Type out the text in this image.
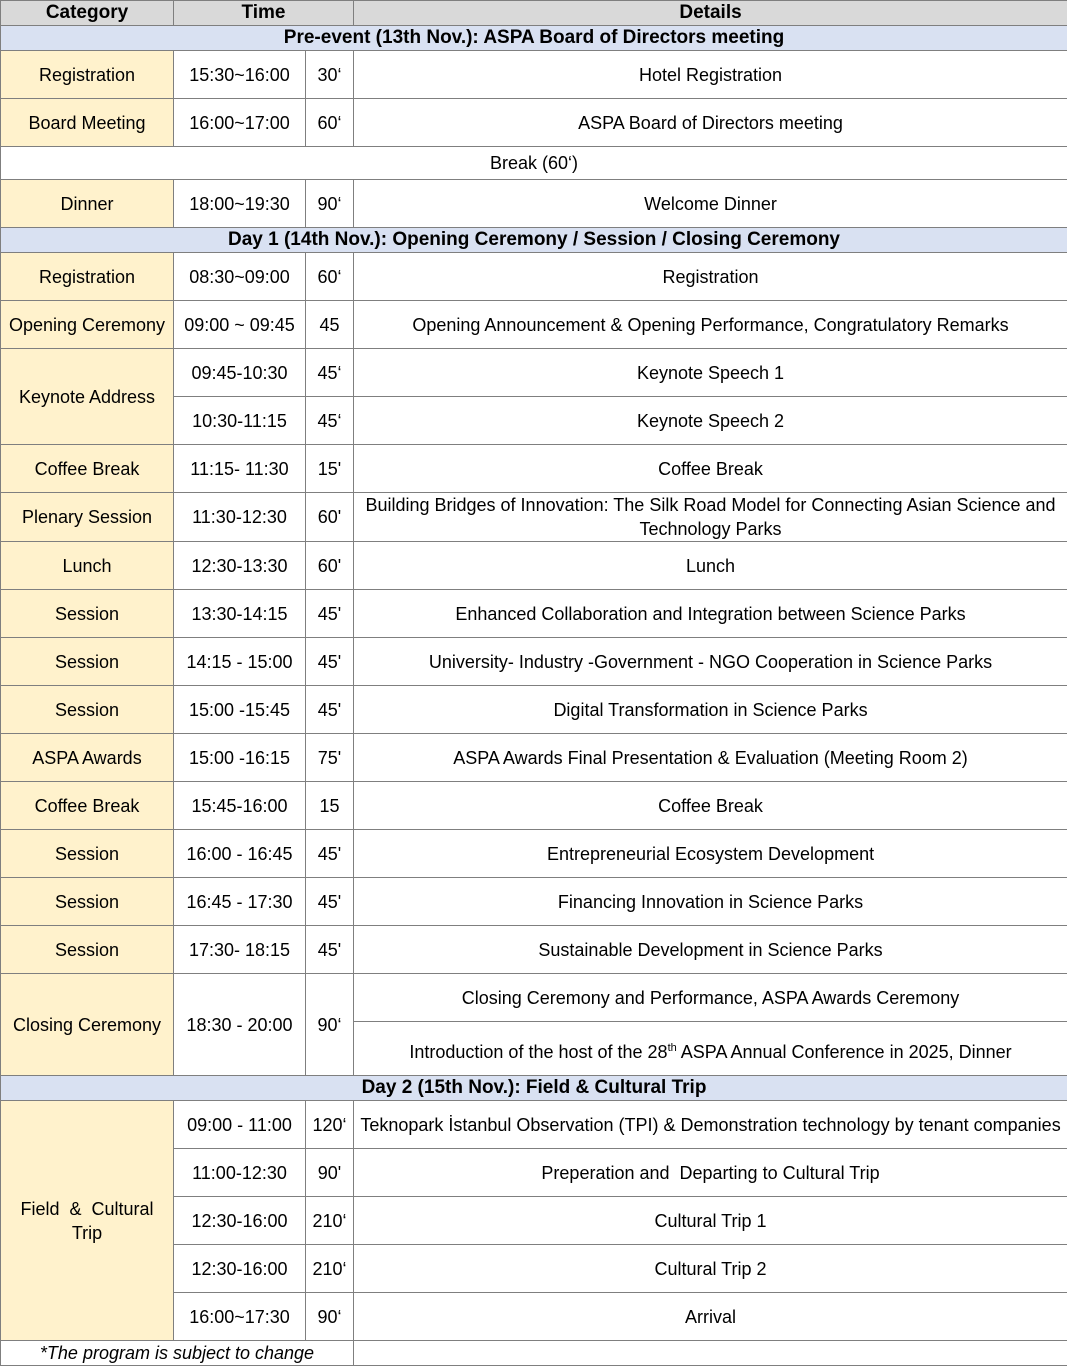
Category	Time		Details
Pre-event (13th Nov.): ASPA Board of Directors meeting			
Registration	15:30~16:00	30‘	Hotel Registration
Board Meeting	16:00~17:00	60‘	ASPA Board of Directors meeting
Break (60‘)			
Dinner	18:00~19:30	90‘	Welcome Dinner
Day 1 (14th Nov.): Opening Ceremony / Session / Closing Ceremony			
Registration	08:30~09:00	60‘	Registration
Opening Ceremony	09:00 ~ 09:45	45	Opening Announcement & Opening Performance, Congratulatory Remarks
Keynote Address	09:45-10:30	45‘	Keynote Speech 1
	10:30-11:15	45‘	Keynote Speech 2
Coffee Break	11:15- 11:30	15'	Coffee Break
Plenary Session	11:30-12:30	60'	Building Bridges of Innovation: The Silk Road Model for Connecting Asian Science and Technology Parks
Lunch	12:30-13:30	60'	Lunch
Session	13:30-14:15	45'	Enhanced Collaboration and Integration between Science Parks
Session	14:15 - 15:00	45'	University- Industry -Government - NGO Cooperation in Science Parks
Session	15:00 -15:45	45'	Digital Transformation in Science Parks
ASPA Awards	15:00 -16:15	75'	ASPA Awards Final Presentation & Evaluation (Meeting Room 2)
Coffee Break	15:45-16:00	15	Coffee Break
Session	16:00 - 16:45	45'	Entrepreneurial Ecosystem Development
Session	16:45 - 17:30	45'	Financing Innovation in Science Parks
Session	17:30- 18:15	45'	Sustainable Development in Science Parks
Closing Ceremony	18:30 - 20:00	90‘	Closing Ceremony and Performance, ASPA Awards Ceremony
			Introduction of the host of the 28th ASPA Annual Conference in 2025, Dinner
Day 2 (15th Nov.): Field & Cultural Trip			
Field  &  Cultural Trip	09:00 - 11:00	120‘	Teknopark İstanbul Observation (TPI) & Demonstration technology by tenant companies
	11:00-12:30	90'	Preperation and  Departing to Cultural Trip
	12:30-16:00	210‘	Cultural Trip 1
	12:30-16:00	210‘	Cultural Trip 2
	16:00~17:30	90‘	Arrival
*The program is subject to change			
